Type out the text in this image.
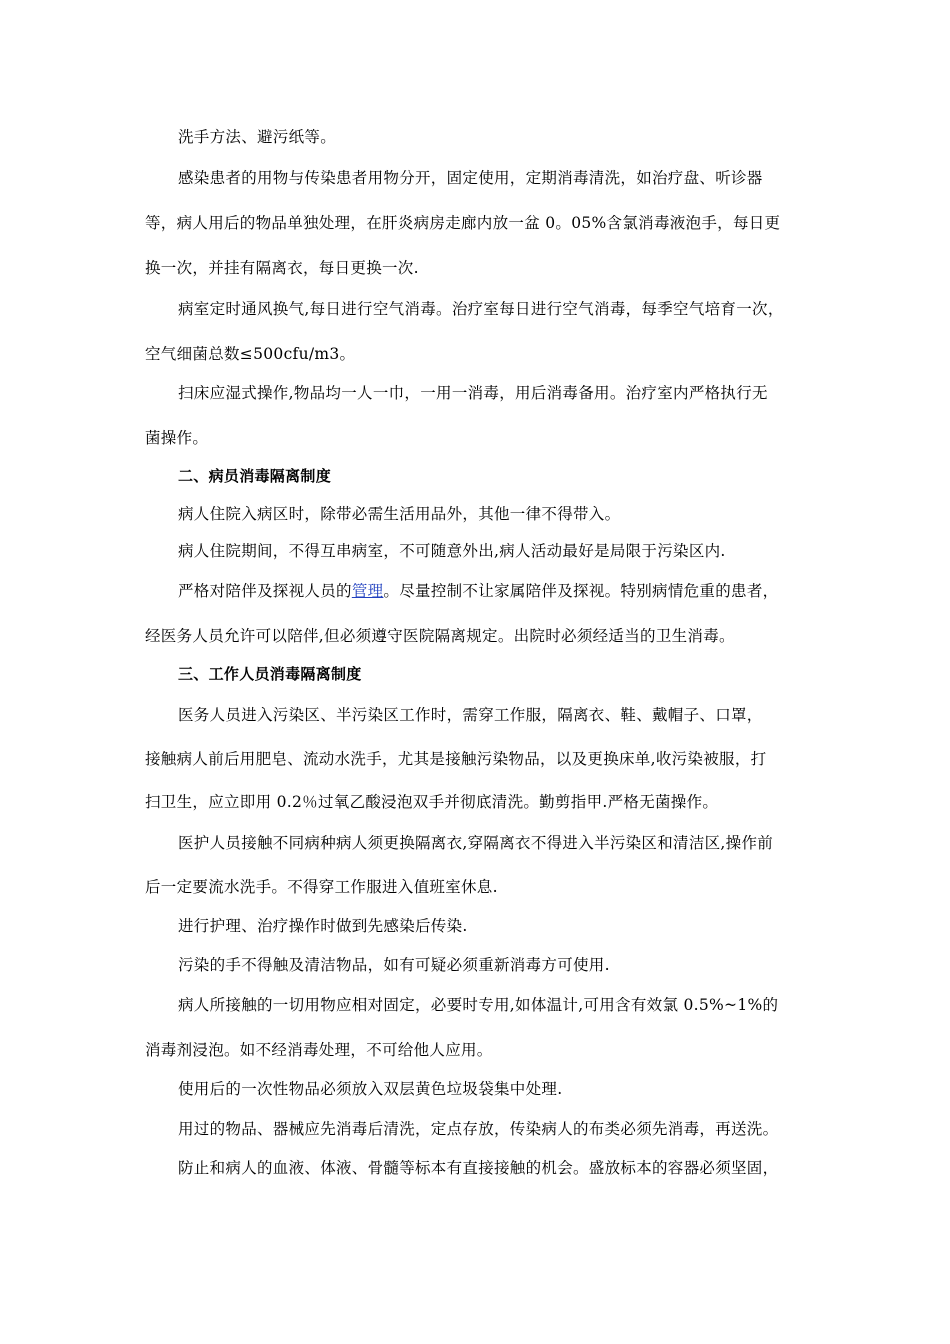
洗手方法、避污纸等。
感染患者的用物与传染患者用物分开，固定使用，定期消毒清洗，如治疗盘、听诊器
等，病人用后的物品单独处理，在肝炎病房走廊内放一盆 0。05%含氯消毒液泡手，每日更
换一次，并挂有隔离衣，每日更换一次.
病室定时通风换气,每日进行空气消毒。治疗室每日进行空气消毒，每季空气培育一次，
空气细菌总数≤500cfu/m3。
扫床应湿式操作,物品均一人一巾，一用一消毒，用后消毒备用。治疗室内严格执行无
菌操作。
二、病员消毒隔离制度
病人住院入病区时，除带必需生活用品外，其他一律不得带入。
病人住院期间，不得互串病室，不可随意外出,病人活动最好是局限于污染区内.
严格对陪伴及探视人员的管理。尽量控制不让家属陪伴及探视。特别病情危重的患者，
经医务人员允许可以陪伴,但必须遵守医院隔离规定。出院时必须经适当的卫生消毒。
三、工作人员消毒隔离制度
医务人员进入污染区、半污染区工作时，需穿工作服，隔离衣、鞋、戴帽子、口罩，
接触病人前后用肥皂、流动水洗手，尤其是接触污染物品，以及更换床单,收污染被服，打
扫卫生，应立即用 0.2％过氧乙酸浸泡双手并彻底清洗。勤剪指甲.严格无菌操作。
医护人员接触不同病种病人须更换隔离衣,穿隔离衣不得进入半污染区和清洁区,操作前
后一定要流水洗手。不得穿工作服进入值班室休息.
进行护理、治疗操作时做到先感染后传染.
污染的手不得触及清洁物品，如有可疑必须重新消毒方可使用.
病人所接触的一切用物应相对固定，必要时专用,如体温计,可用含有效氯 0.5%~1%的
消毒剂浸泡。如不经消毒处理，不可给他人应用。
使用后的一次性物品必须放入双层黄色垃圾袋集中处理.
用过的物品、器械应先消毒后清洗，定点存放，传染病人的布类必须先消毒，再送洗。
防止和病人的血液、体液、骨髓等标本有直接接触的机会。盛放标本的容器必须坚固，
